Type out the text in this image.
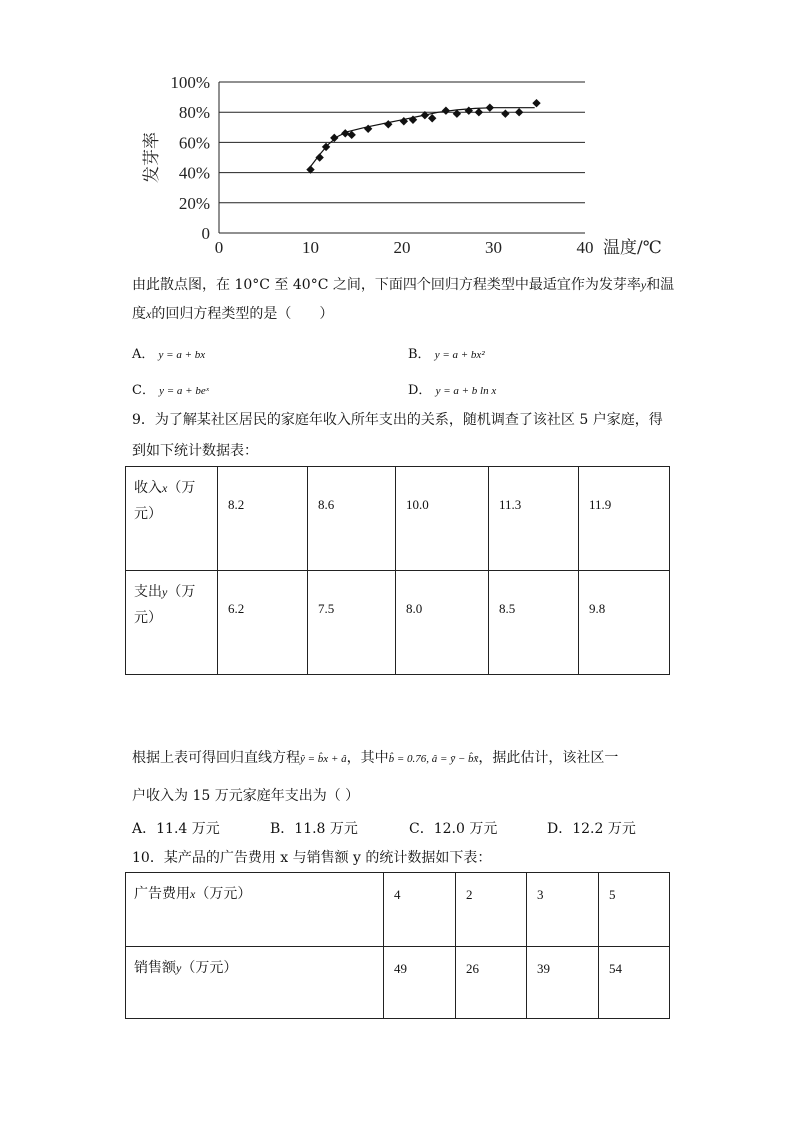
0
20%
40%
60%
80%
100%
0	10	20	30	40
发芽率
温度/℃
由此散点图，在 10°C 至 40°C 之间，下面四个回归方程类型中最适宜作为发芽率y和温
度x的回归方程类型的是（　　）
A． y = a + bx	B． y = a + bx²
C． y = a + beˣ	D． y = a + b ln x
9．为了解某社区居民的家庭年收入所年支出的关系，随机调查了该社区 5 户家庭，得
到如下统计数据表：
收入x（万
元）	8.2	8.6	10.0	11.3	11.9

支出y（万
元）	6.2	7.5	8.0	8.5	9.8
根据上表可得回归直线方程ŷ = b̂x + â，其中b̂ = 0.76, â = ȳ − b̂x̄，据此估计，该社区一
户收入为 15 万元家庭年支出为（ ）
A．11.4 万元	B．11.8 万元	C．12.0 万元	D．12.2 万元
10．某产品的广告费用 x 与销售额 y 的统计数据如下表：
广告费用x（万元）	4	2	3	5

销售额y（万元）	49	26	39	54
